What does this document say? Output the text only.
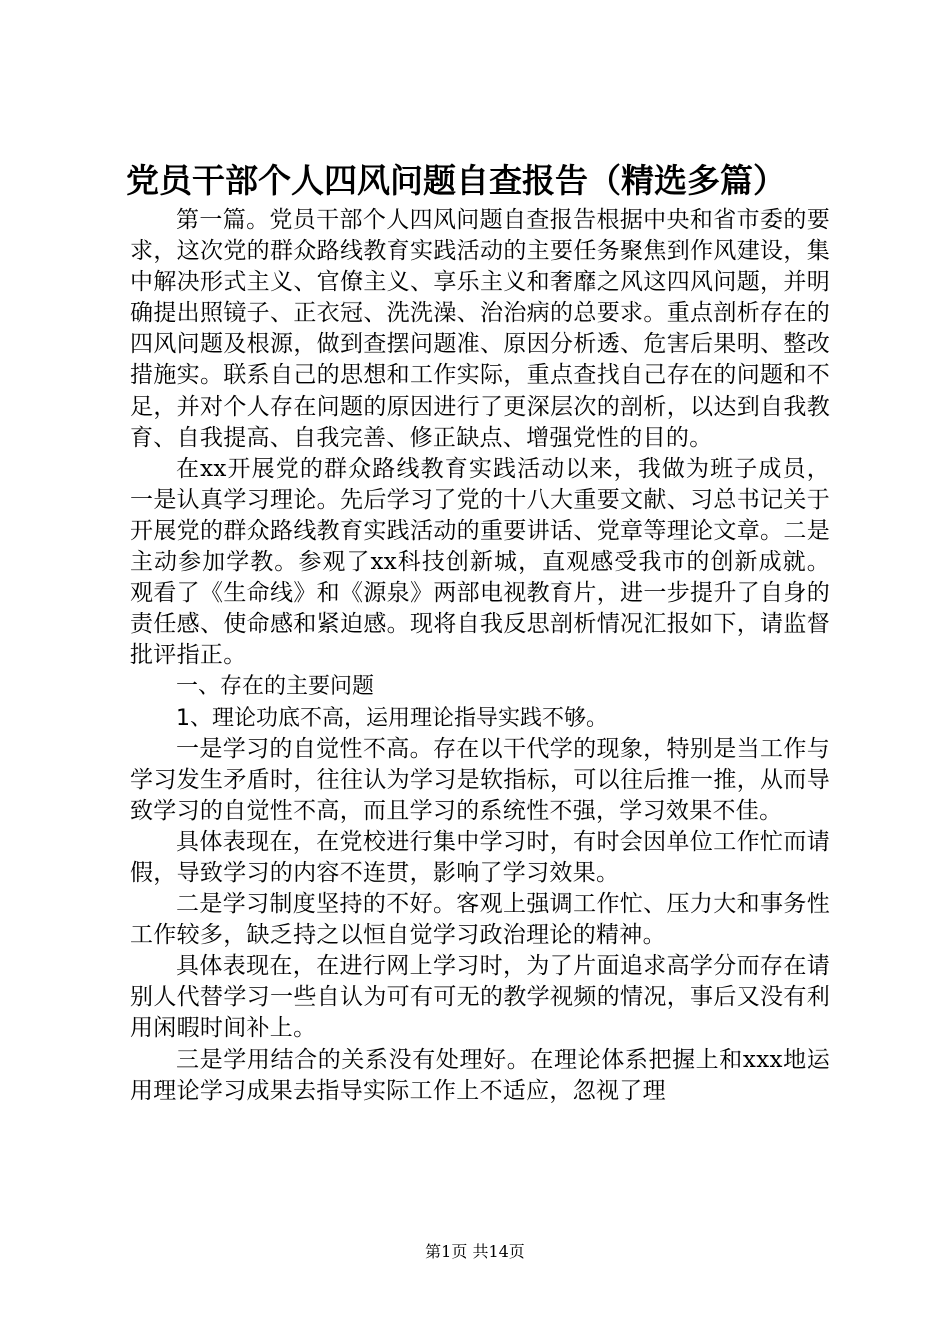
党员干部个人四风问题自查报告（精选多篇）

第一篇。党员干部个人四风问题自查报告根据中央和省市委的要求，这次党的群众路线教育实践活动的主要任务聚焦到作风建设，集中解决形式主义、官僚主义、享乐主义和奢靡之风这四风问题，并明确提出照镜子、正衣冠、洗洗澡、治治病的总要求。重点剖析存在的四风问题及根源，做到查摆问题准、原因分析透、危害后果明、整改措施实。联系自己的思想和工作实际，重点查找自己存在的问题和不足，并对个人存在问题的原因进行了更深层次的剖析，以达到自我教育、自我提高、自我完善、修正缺点、增强党性的目的。

在xx开展党的群众路线教育实践活动以来，我做为班子成员，一是认真学习理论。先后学习了党的十八大重要文献、习总书记关于开展党的群众路线教育实践活动的重要讲话、党章等理论文章。二是主动参加学教。参观了xx科技创新城，直观感受我市的创新成就。观看了《生命线》和《源泉》两部电视教育片，进一步提升了自身的责任感、使命感和紧迫感。现将自我反思剖析情况汇报如下，请监督批评指正。

一、存在的主要问题

1、理论功底不高，运用理论指导实践不够。

一是学习的自觉性不高。存在以干代学的现象，特别是当工作与学习发生矛盾时，往往认为学习是软指标，可以往后推一推，从而导致学习的自觉性不高，而且学习的系统性不强，学习效果不佳。

具体表现在，在党校进行集中学习时，有时会因单位工作忙而请假，导致学习的内容不连贯，影响了学习效果。

二是学习制度坚持的不好。客观上强调工作忙、压力大和事务性工作较多，缺乏持之以恒自觉学习政治理论的精神。

具体表现在，在进行网上学习时，为了片面追求高学分而存在请别人代替学习一些自认为可有可无的教学视频的情况，事后又没有利用闲暇时间补上。

三是学用结合的关系没有处理好。在理论体系把握上和xxx地运用理论学习成果去指导实际工作上不适应，忽视了理

第1页 共14页
